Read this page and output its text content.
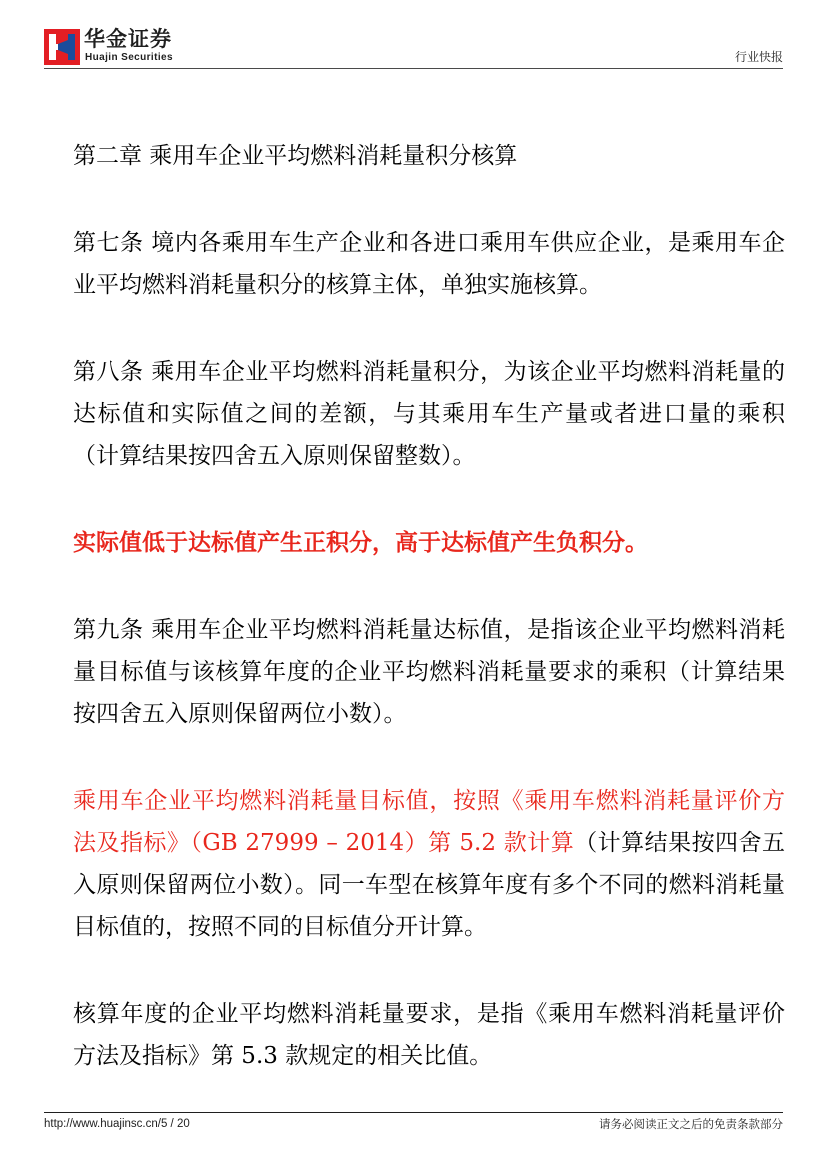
华金证券
Huajin Securities	行业快报

第二章 乘用车企业平均燃料消耗量积分核算

第七条 境内各乘用车生产企业和各进口乘用车供应企业，是乘用车企业平均燃料消耗量积分的核算主体，单独实施核算。

第八条 乘用车企业平均燃料消耗量积分，为该企业平均燃料消耗量的达标值和实际值之间的差额，与其乘用车生产量或者进口量的乘积（计算结果按四舍五入原则保留整数）。

实际值低于达标值产生正积分，高于达标值产生负积分。

第九条 乘用车企业平均燃料消耗量达标值，是指该企业平均燃料消耗量目标值与该核算年度的企业平均燃料消耗量要求的乘积（计算结果按四舍五入原则保留两位小数）。

乘用车企业平均燃料消耗量目标值，按照《乘用车燃料消耗量评价方法及指标》（GB 27999 – 2014）第 5.2 款计算（计算结果按四舍五入原则保留两位小数）。同一车型在核算年度有多个不同的燃料消耗量目标值的，按照不同的目标值分开计算。

核算年度的企业平均燃料消耗量要求，是指《乘用车燃料消耗量评价方法及指标》第 5.3 款规定的相关比值。

http://www.huajinsc.cn/5 / 20	请务必阅读正文之后的免责条款部分
